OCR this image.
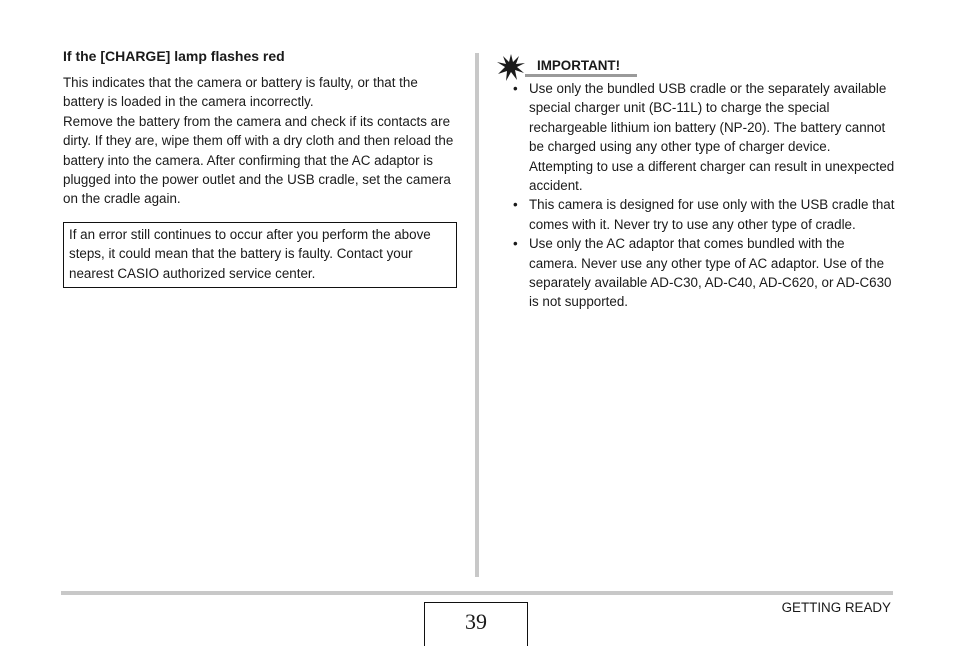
If the [CHARGE] lamp flashes red

This indicates that the camera or battery is faulty, or that the battery is loaded in the camera incorrectly.

Remove the battery from the camera and check if its contacts are dirty. If they are, wipe them off with a dry cloth and then reload the battery into the camera. After confirming that the AC adaptor is plugged into the power outlet and the USB cradle, set the camera on the cradle again.

If an error still continues to occur after you perform the above steps, it could mean that the battery is faulty. Contact your nearest CASIO authorized service center.
IMPORTANT!
• Use only the bundled USB cradle or the separately available special charger unit (BC-11L) to charge the special rechargeable lithium ion battery (NP-20). The battery cannot be charged using any other type of charger device. Attempting to use a different charger can result in unexpected accident.
• This camera is designed for use only with the USB cradle that comes with it. Never try to use any other type of cradle.
• Use only the AC adaptor that comes bundled with the camera. Never use any other type of AC adaptor. Use of the separately available AD-C30, AD-C40, AD-C620, or AD-C630 is not supported.
39
GETTING READY
